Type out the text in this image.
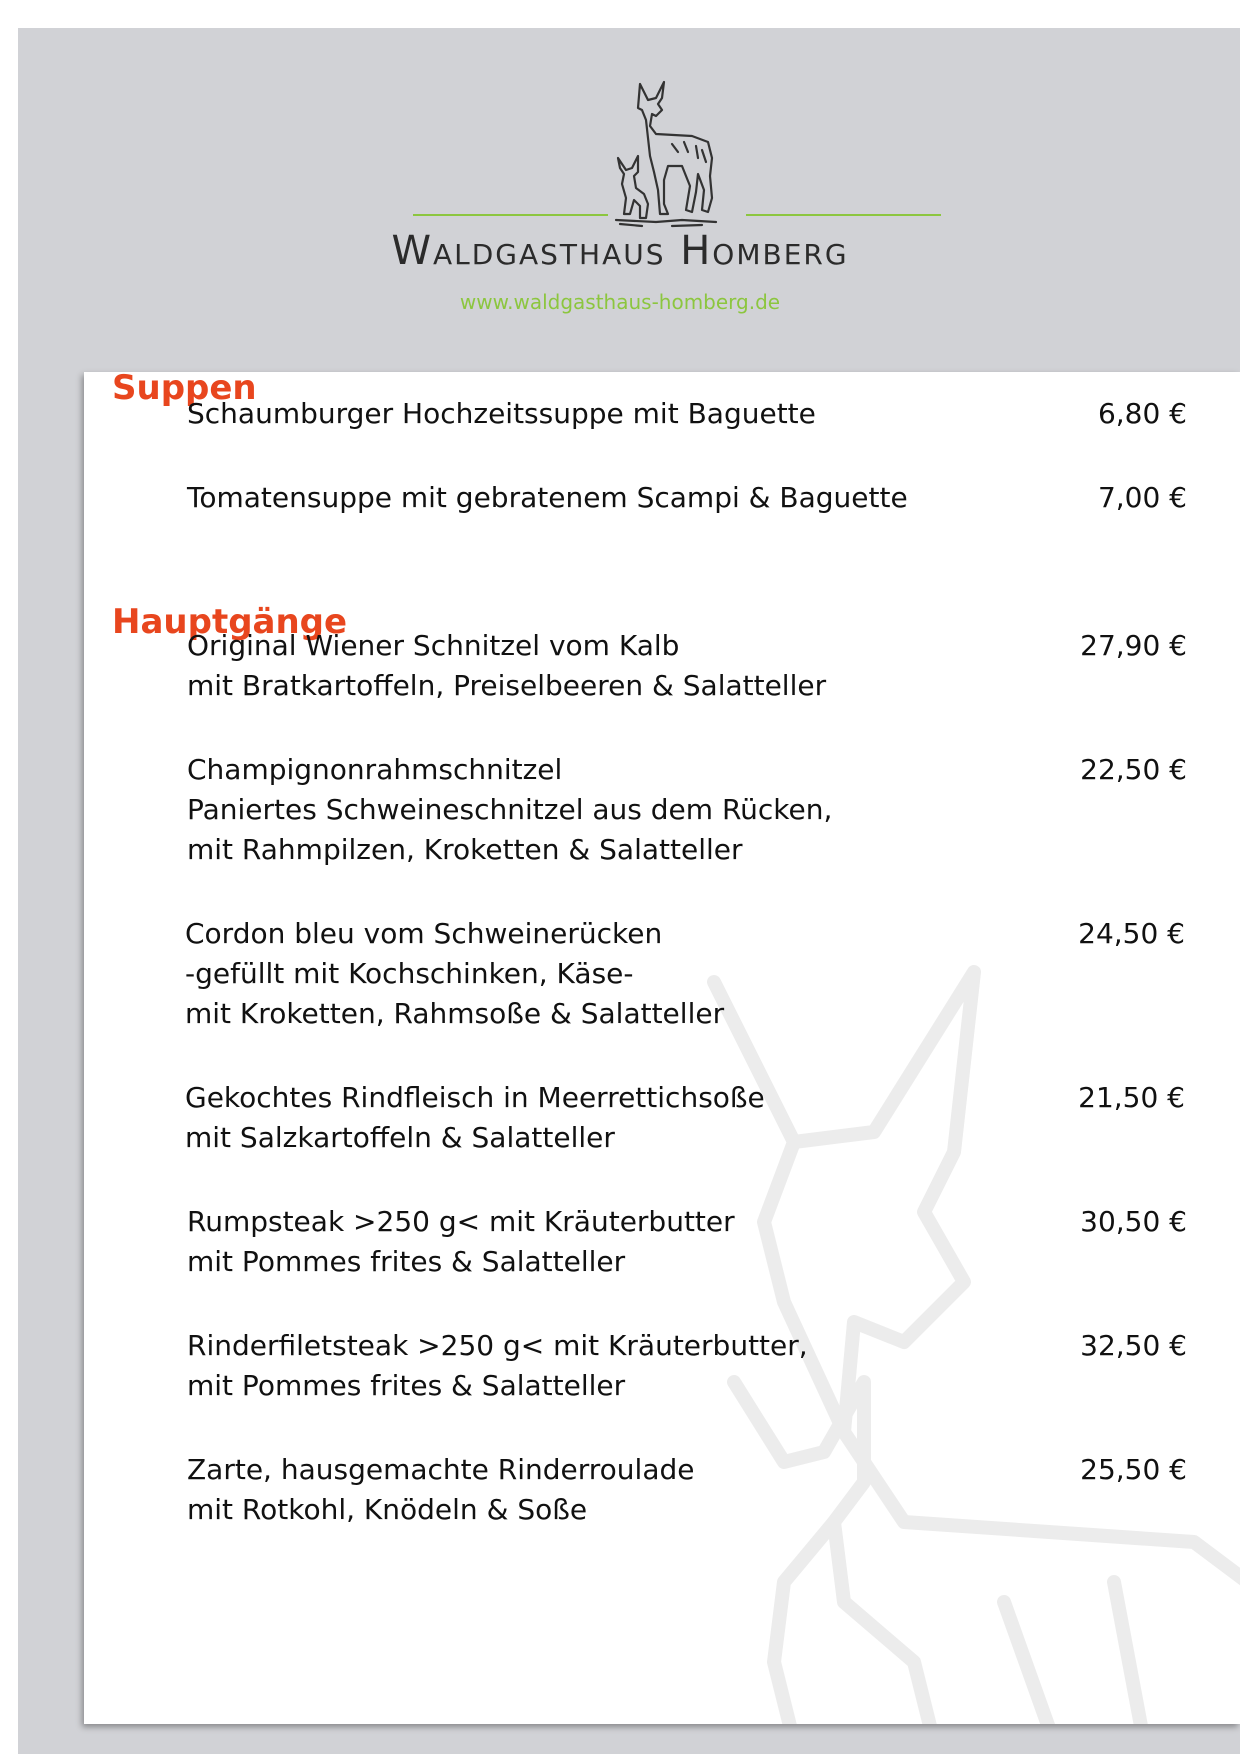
Waldgasthaus Homberg
www.waldgasthaus-homberg.de
Suppen
Schaumburger Hochzeitssuppe mit Baguette	6,80 €
Tomatensuppe mit gebratenem Scampi & Baguette	7,00 €
Hauptgänge
Original Wiener Schnitzel vom Kalb
mit Bratkartoffeln, Preiselbeeren & Salatteller
27,90 €
Champignonrahmschnitzel
Paniertes Schweineschnitzel aus dem Rücken,
mit Rahmpilzen, Kroketten & Salatteller
22,50 €
Cordon bleu vom Schweinerücken
-gefüllt mit Kochschinken, Käse-
mit Kroketten, Rahmsoße & Salatteller
24,50 €
Gekochtes Rindfleisch in Meerrettichsoße
mit Salzkartoffeln & Salatteller
21,50 €
Rumpsteak >250 g< mit Kräuterbutter
mit Pommes frites & Salatteller
30,50 €
Rinderfiletsteak >250 g< mit Kräuterbutter,
mit Pommes frites & Salatteller
32,50 €
Zarte, hausgemachte Rinderroulade
mit Rotkohl, Knödeln & Soße
25,50 €
